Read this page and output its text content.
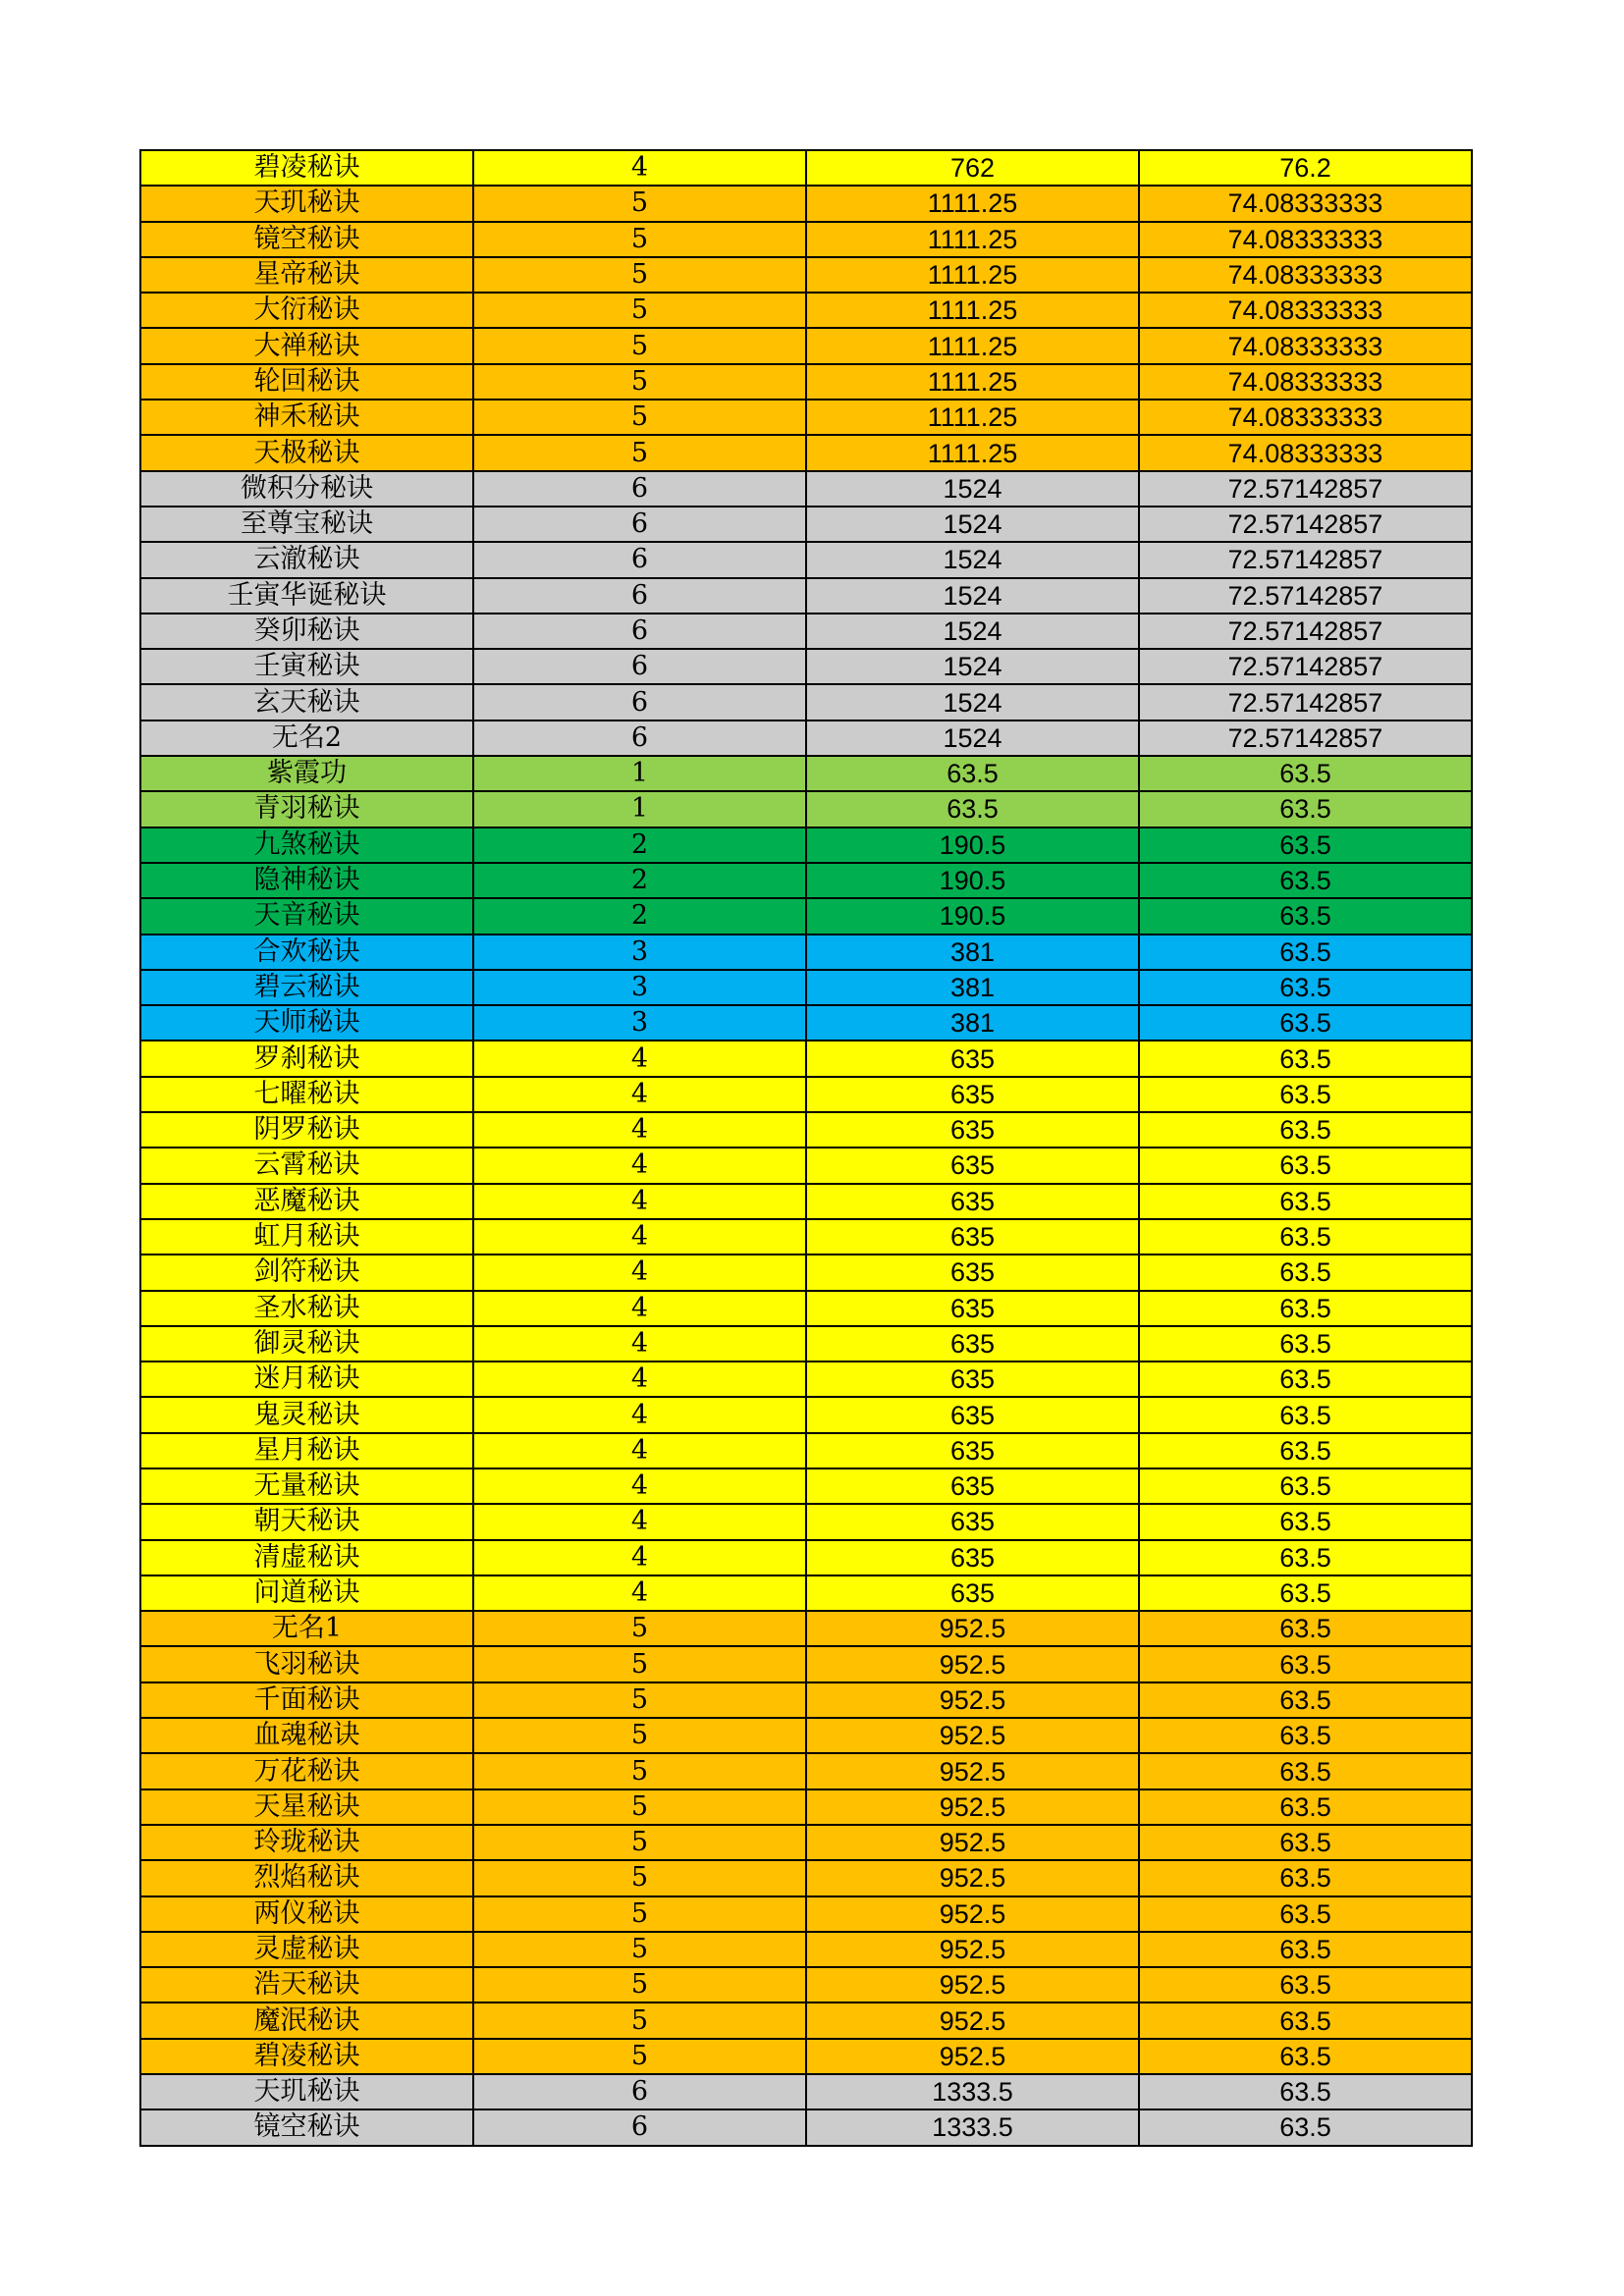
碧凌秘诀	4	762	76.2
天玑秘诀	5	1111.25	74.08333333
镜空秘诀	5	1111.25	74.08333333
星帝秘诀	5	1111.25	74.08333333
大衍秘诀	5	1111.25	74.08333333
大禅秘诀	5	1111.25	74.08333333
轮回秘诀	5	1111.25	74.08333333
神禾秘诀	5	1111.25	74.08333333
天极秘诀	5	1111.25	74.08333333
微积分秘诀	6	1524	72.57142857
至尊宝秘诀	6	1524	72.57142857
云澈秘诀	6	1524	72.57142857
壬寅华诞秘诀	6	1524	72.57142857
癸卯秘诀	6	1524	72.57142857
壬寅秘诀	6	1524	72.57142857
玄天秘诀	6	1524	72.57142857
无名2	6	1524	72.57142857
紫霞功	1	63.5	63.5
青羽秘诀	1	63.5	63.5
九煞秘诀	2	190.5	63.5
隐神秘诀	2	190.5	63.5
天音秘诀	2	190.5	63.5
合欢秘诀	3	381	63.5
碧云秘诀	3	381	63.5
天师秘诀	3	381	63.5
罗刹秘诀	4	635	63.5
七曜秘诀	4	635	63.5
阴罗秘诀	4	635	63.5
云霄秘诀	4	635	63.5
恶魔秘诀	4	635	63.5
虹月秘诀	4	635	63.5
剑符秘诀	4	635	63.5
圣水秘诀	4	635	63.5
御灵秘诀	4	635	63.5
迷月秘诀	4	635	63.5
鬼灵秘诀	4	635	63.5
星月秘诀	4	635	63.5
无量秘诀	4	635	63.5
朝天秘诀	4	635	63.5
清虚秘诀	4	635	63.5
问道秘诀	4	635	63.5
无名1	5	952.5	63.5
飞羽秘诀	5	952.5	63.5
千面秘诀	5	952.5	63.5
血魂秘诀	5	952.5	63.5
万花秘诀	5	952.5	63.5
天星秘诀	5	952.5	63.5
玲珑秘诀	5	952.5	63.5
烈焰秘诀	5	952.5	63.5
两仪秘诀	5	952.5	63.5
灵虚秘诀	5	952.5	63.5
浩天秘诀	5	952.5	63.5
魔泯秘诀	5	952.5	63.5
碧凌秘诀	5	952.5	63.5
天玑秘诀	6	1333.5	63.5
镜空秘诀	6	1333.5	63.5
